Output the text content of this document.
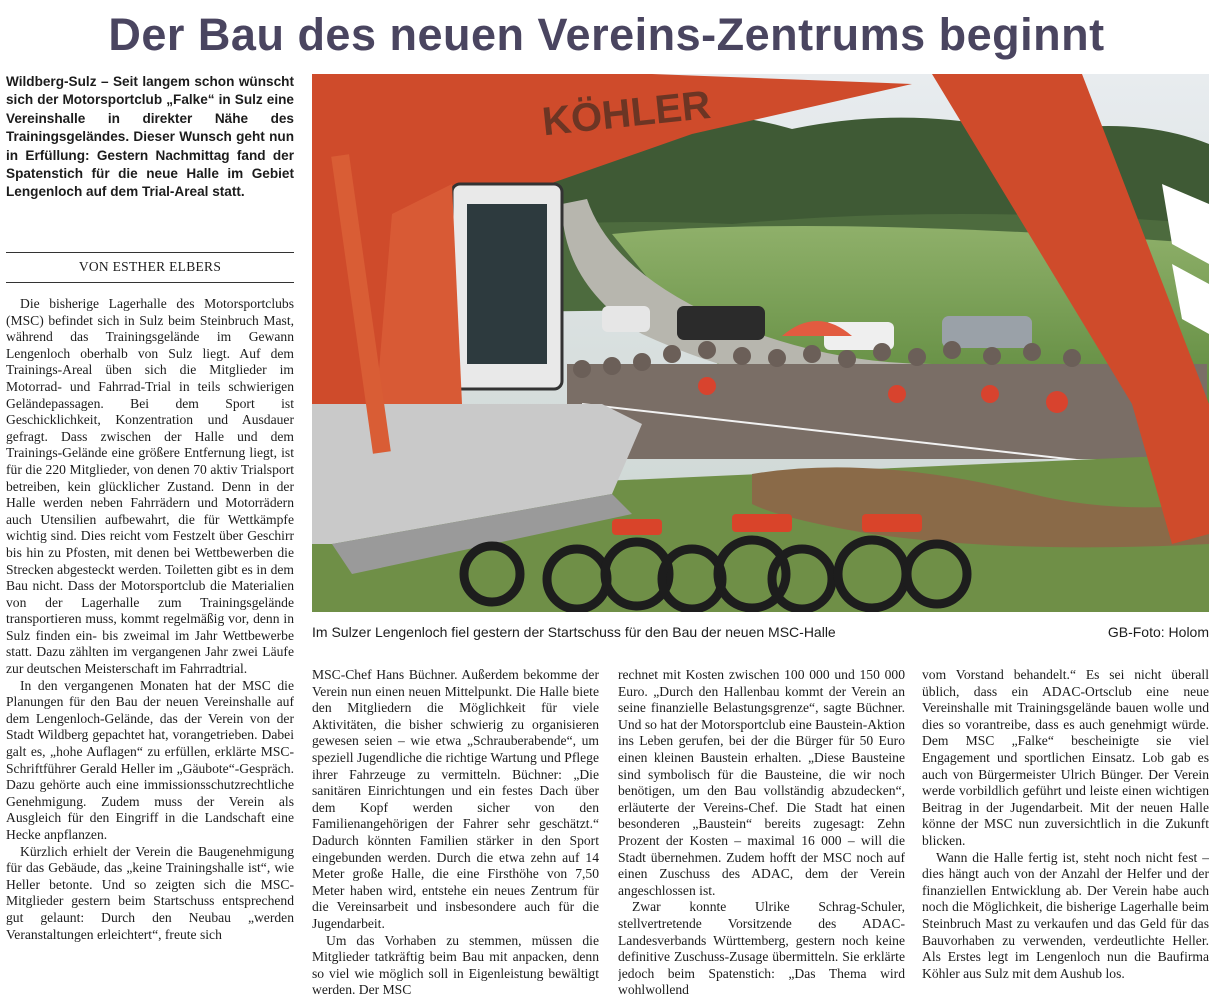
Der Bau des neuen Vereins-Zentrums beginnt

Wildberg-Sulz – Seit langem schon wünscht sich der Motorsportclub „Falke“ in Sulz eine Vereinshalle in direkter Nähe des Trainingsgeländes. Dieser Wunsch geht nun in Erfüllung: Gestern Nachmittag fand der Spatenstich für die neue Halle im Gebiet Lengenloch auf dem Trial-Areal statt.

VON ESTHER ELBERS
KÖHLER
Im Sulzer Lengenloch fiel gestern der Startschuss für den Bau der neuen MSC-Halle	GB-Foto: Holom

Die bisherige Lagerhalle des Motorsportclubs (MSC) befindet sich in Sulz beim Steinbruch Mast, während das Trainingsgelände im Gewann Lengenloch oberhalb von Sulz liegt. Auf dem Trainings-Areal üben sich die Mitglieder im Motorrad- und Fahrrad-Trial in teils schwierigen Geländepassagen. Bei dem Sport ist Geschicklichkeit, Konzentration und Ausdauer gefragt. Dass zwischen der Halle und dem Trainings-Gelände eine größere Entfernung liegt, ist für die 220 Mitglieder, von denen 70 aktiv Trialsport betreiben, kein glücklicher Zustand. Denn in der Halle werden neben Fahrrädern und Motorrädern auch Utensilien aufbewahrt, die für Wettkämpfe wichtig sind. Dies reicht vom Festzelt über Geschirr bis hin zu Pfosten, mit denen bei Wettbewerben die Strecken abgesteckt werden. Toiletten gibt es in dem Bau nicht. Dass der Motorsportclub die Materialien von der Lagerhalle zum Trainingsgelände transportieren muss, kommt regelmäßig vor, denn in Sulz finden ein- bis zweimal im Jahr Wettbewerbe statt. Dazu zählten im vergangenen Jahr zwei Läufe zur deutschen Meisterschaft im Fahrradtrial.

In den vergangenen Monaten hat der MSC die Planungen für den Bau der neuen Vereinshalle auf dem Lengenloch-Gelände, das der Verein von der Stadt Wildberg gepachtet hat, vorangetrieben. Dabei galt es, „hohe Auflagen“ zu erfüllen, erklärte MSC-Schriftführer Gerald Heller im „Gäubote“-Gespräch. Dazu gehörte auch eine immissionsschutzrechtliche Genehmigung. Zudem muss der Verein als Ausgleich für den Eingriff in die Landschaft eine Hecke anpflanzen.

Kürzlich erhielt der Verein die Baugenehmigung für das Gebäude, das „keine Trainingshalle ist“, wie Heller betonte. Und so zeigten sich die MSC-Mitglieder gestern beim Startschuss entsprechend gut gelaunt: Durch den Neubau „werden Veranstaltungen erleichtert“, freute sich

MSC-Chef Hans Büchner. Außerdem bekomme der Verein nun einen neuen Mittelpunkt. Die Halle biete den Mitgliedern die Möglichkeit für viele Aktivitäten, die bisher schwierig zu organisieren gewesen seien – wie etwa „Schrauberabende“, um speziell Jugendliche die richtige Wartung und Pflege ihrer Fahrzeuge zu vermitteln. Büchner: „Die sanitären Einrichtungen und ein festes Dach über dem Kopf werden sicher von den Familienangehörigen der Fahrer sehr geschätzt.“ Dadurch könnten Familien stärker in den Sport eingebunden werden. Durch die etwa zehn auf 14 Meter große Halle, die eine Firsthöhe von 7,50 Meter haben wird, entstehe ein neues Zentrum für die Vereinsarbeit und insbesondere auch für die Jugendarbeit.

Um das Vorhaben zu stemmen, müssen die Mitglieder tatkräftig beim Bau mit anpacken, denn so viel wie möglich soll in Eigenleistung bewältigt werden. Der MSC

rechnet mit Kosten zwischen 100 000 und 150 000 Euro. „Durch den Hallenbau kommt der Verein an seine finanzielle Belastungsgrenze“, sagte Büchner. Und so hat der Motorsportclub eine Baustein-Aktion ins Leben gerufen, bei der die Bürger für 50 Euro einen kleinen Baustein erhalten. „Diese Bausteine sind symbolisch für die Bausteine, die wir noch benötigen, um den Bau vollständig abzudecken“, erläuterte der Vereins-Chef. Die Stadt hat einen besonderen „Baustein“ bereits zugesagt: Zehn Prozent der Kosten – maximal 16 000 – will die Stadt übernehmen. Zudem hofft der MSC noch auf einen Zuschuss des ADAC, dem der Verein angeschlossen ist.

Zwar konnte Ulrike Schrag-Schuler, stellvertretende Vorsitzende des ADAC-Landesverbands Württemberg, gestern noch keine definitive Zuschuss-Zusage übermitteln. Sie erklärte jedoch beim Spatenstich: „Das Thema wird wohlwollend

vom Vorstand behandelt.“ Es sei nicht überall üblich, dass ein ADAC-Ortsclub eine neue Vereinshalle mit Trainingsgelände bauen wolle und dies so vorantreibe, dass es auch genehmigt würde. Dem MSC „Falke“ bescheinigte sie viel Engagement und sportlichen Einsatz. Lob gab es auch von Bürgermeister Ulrich Bünger. Der Verein werde vorbildlich geführt und leiste einen wichtigen Beitrag in der Jugendarbeit. Mit der neuen Halle könne der MSC nun zuversichtlich in die Zukunft blicken.

Wann die Halle fertig ist, steht noch nicht fest – dies hängt auch von der Anzahl der Helfer und der finanziellen Entwicklung ab. Der Verein habe auch noch die Möglichkeit, die bisherige Lagerhalle beim Steinbruch Mast zu verkaufen und das Geld für das Bauvorhaben zu verwenden, verdeutlichte Heller. Als Erstes legt im Lengenloch nun die Baufirma Köhler aus Sulz mit dem Aushub los.
